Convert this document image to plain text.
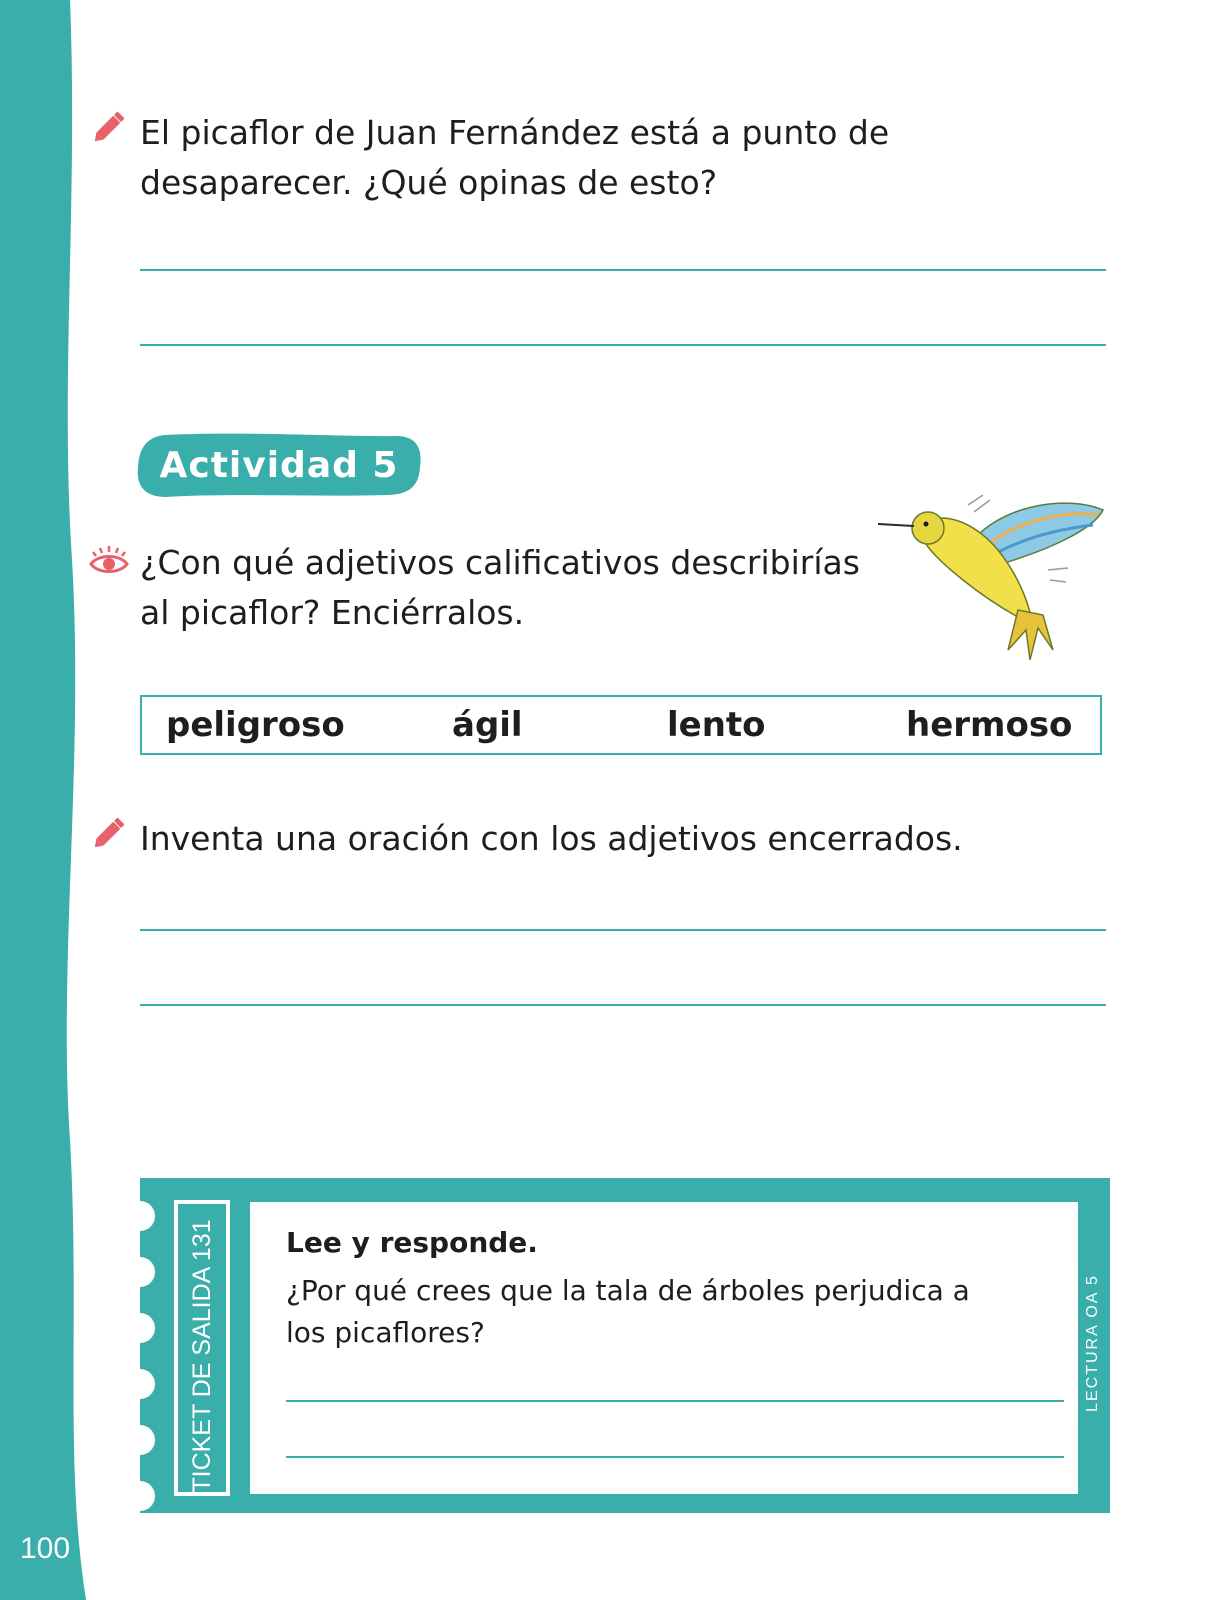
100

El picaflor de Juan Fernández está a punto de desaparecer. ¿Qué opinas de esto?

Actividad 5

¿Con qué adjetivos calificativos describirías al picaflor? Enciérralos.

peligroso	ágil	lento	hermoso

Inventa una oración con los adjetivos encerrados.

TICKET DE SALIDA 131	LECTURA OA 5

Lee y responde.

¿Por qué crees que la tala de árboles perjudica a los picaflores?
